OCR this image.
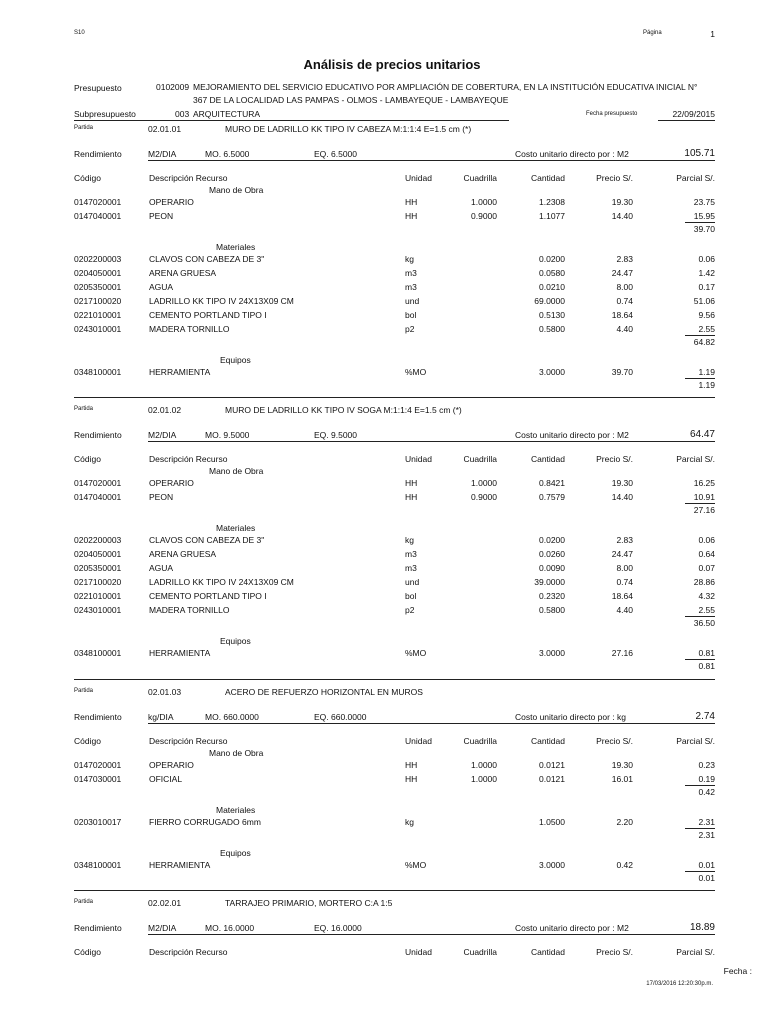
S10	Página	1
Análisis de precios unitarios
Presupuesto	0102009 MEJORAMIENTO DEL SERVICIO EDUCATIVO POR AMPLIACIÓN DE COBERTURA, EN LA INSTITUCIÓN EDUCATIVA INICIAL N°
367 DE LA LOCALIDAD LAS PAMPAS - OLMOS - LAMBAYEQUE - LAMBAYEQUE
Subpresupuesto	003 ARQUITECTURA	Fecha presupuesto	22/09/2015
Partida	02.01.01	MURO DE LADRILLO KK TIPO IV CABEZA M:1:1:4 E=1.5 cm (*)
Rendimiento	M2/DIA	MO. 6.5000	EQ. 6.5000	Costo unitario directo por : M2	105.71
Código	Descripción Recurso	Unidad	Cuadrilla	Cantidad	Precio S/.	Parcial S/.
Mano de Obra
0147020001	OPERARIO	HH	1.0000	1.2308	19.30	23.75
0147040001	PEON	HH	0.9000	1.1077	14.40	15.95
39.70
Materiales
0202200003	CLAVOS CON CABEZA DE 3"	kg	0.0200	2.83	0.06
0204050001	ARENA GRUESA	m3	0.0580	24.47	1.42
0205350001	AGUA	m3	0.0210	8.00	0.17
0217100020	LADRILLO KK TIPO IV 24X13X09 CM	und	69.0000	0.74	51.06
0221010001	CEMENTO PORTLAND TIPO I	bol	0.5130	18.64	9.56
0243010001	MADERA TORNILLO	p2	0.5800	4.40	2.55
64.82
Equipos
0348100001	HERRAMIENTA	%MO	3.0000	39.70	1.19
1.19
Partida	02.01.02	MURO DE LADRILLO KK TIPO IV SOGA M:1:1:4 E=1.5 cm (*)
Rendimiento	M2/DIA	MO. 9.5000	EQ. 9.5000	Costo unitario directo por : M2	64.47
Código	Descripción Recurso	Unidad	Cuadrilla	Cantidad	Precio S/.	Parcial S/.
Mano de Obra
0147020001	OPERARIO	HH	1.0000	0.8421	19.30	16.25
0147040001	PEON	HH	0.9000	0.7579	14.40	10.91
27.16
Materiales
0202200003	CLAVOS CON CABEZA DE 3"	kg	0.0200	2.83	0.06
0204050001	ARENA GRUESA	m3	0.0260	24.47	0.64
0205350001	AGUA	m3	0.0090	8.00	0.07
0217100020	LADRILLO KK TIPO IV 24X13X09 CM	und	39.0000	0.74	28.86
0221010001	CEMENTO PORTLAND TIPO I	bol	0.2320	18.64	4.32
0243010001	MADERA TORNILLO	p2	0.5800	4.40	2.55
36.50
Equipos
0348100001	HERRAMIENTA	%MO	3.0000	27.16	0.81
0.81
Partida	02.01.03	ACERO DE REFUERZO HORIZONTAL EN MUROS
Rendimiento	kg/DIA	MO. 660.0000	EQ. 660.0000	Costo unitario directo por : kg	2.74
Código	Descripción Recurso	Unidad	Cuadrilla	Cantidad	Precio S/.	Parcial S/.
Mano de Obra
0147020001	OPERARIO	HH	1.0000	0.0121	19.30	0.23
0147030001	OFICIAL	HH	1.0000	0.0121	16.01	0.19
0.42
Materiales
0203010017	FIERRO CORRUGADO 6mm	kg	1.0500	2.20	2.31
2.31
Equipos
0348100001	HERRAMIENTA	%MO	3.0000	0.42	0.01
0.01
Partida	02.02.01	TARRAJEO PRIMARIO, MORTERO C:A 1:5
Rendimiento	M2/DIA	MO. 16.0000	EQ. 16.0000	Costo unitario directo por : M2	18.89
Código	Descripción Recurso	Unidad	Cuadrilla	Cantidad	Precio S/.	Parcial S/.
Fecha :
17/03/2016 12:20:30p.m.
